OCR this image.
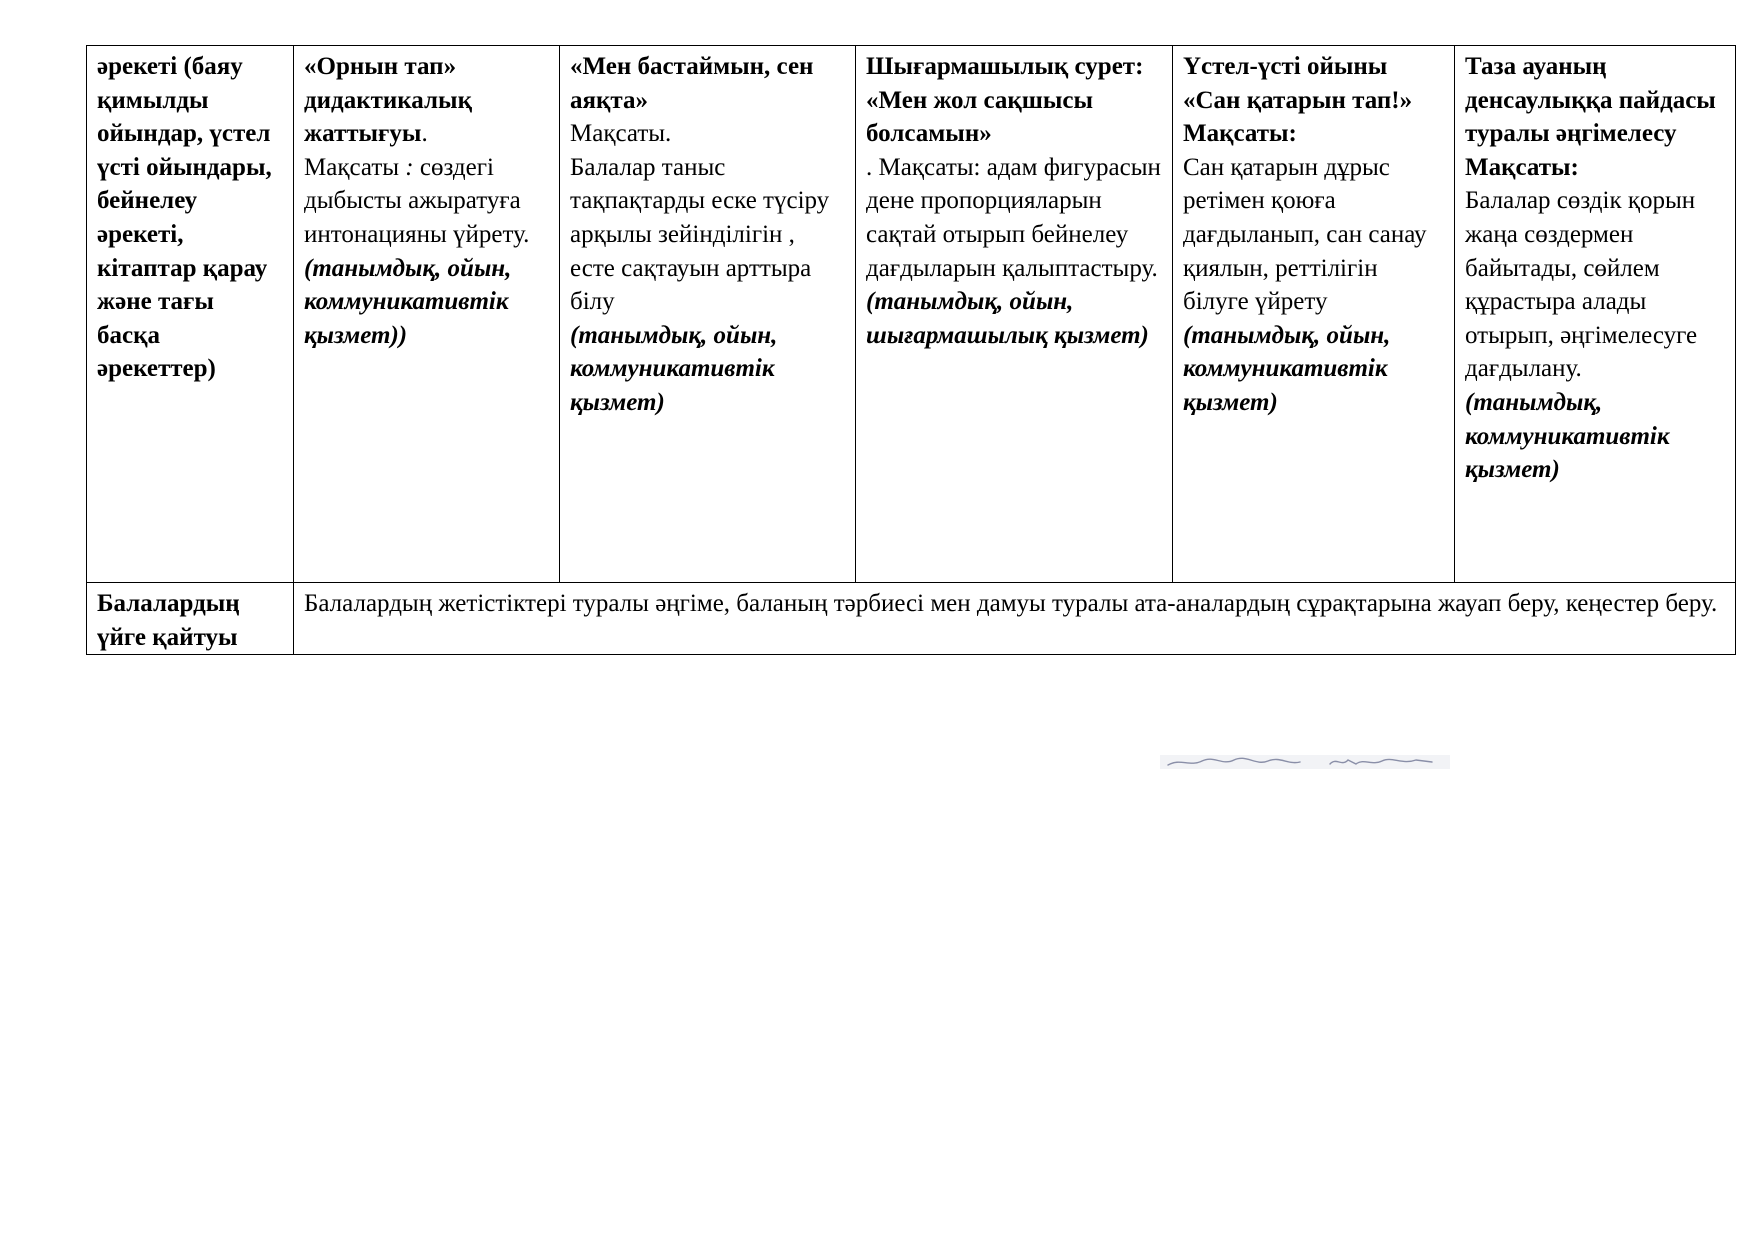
әрекеті (баяу қимылды ойындар, үстел үсті ойындары, бейнелеу әрекеті, кітаптар қарау және тағы басқа әрекеттер)	«Орнын тап» дидактикалық жаттығуы.
Мақсаты : сөздегі дыбысты ажыратуға интонацияны үйрету.
(танымдық, ойын, коммуникативтік қызмет))	«Мен бастаймын, сен аяқта»
Мақсаты.
Балалар таныс тақпақтарды еске түсіру арқылы зейінділігін , есте сақтауын арттыра білу
(танымдық, ойын, коммуникативтік қызмет)	Шығармашылық сурет: «Мен жол сақшысы болсамын»
. Мақсаты: адам фигурасын дене пропорцияларын сақтай отырып бейнелеу дағдыларын қалыптастыру.
(танымдық, ойын, шығармашылық қызмет)	Үстел-үсті ойыны «Сан қатарын тап!»
Мақсаты:
Сан қатарын дұрыс ретімен қоюға дағдыланып, сан санау қиялын, реттілігін білуге үйрету
(танымдық, ойын, коммуникативтік қызмет)	Таза ауаның денсаулыққа пайдасы туралы әңгімелесу
Мақсаты:
Балалар сөздік қорын жаңа сөздермен байытады, сөйлем құрастыра алады отырып, әңгімелесуге дағдылану.
(танымдық, коммуникативтік қызмет)

Балалардың үйге қайтуы	Балалардың жетістіктері туралы әңгіме, баланың тәрбиесі мен дамуы туралы ата-аналардың сұрақтарына жауап беру, кеңестер беру.				
